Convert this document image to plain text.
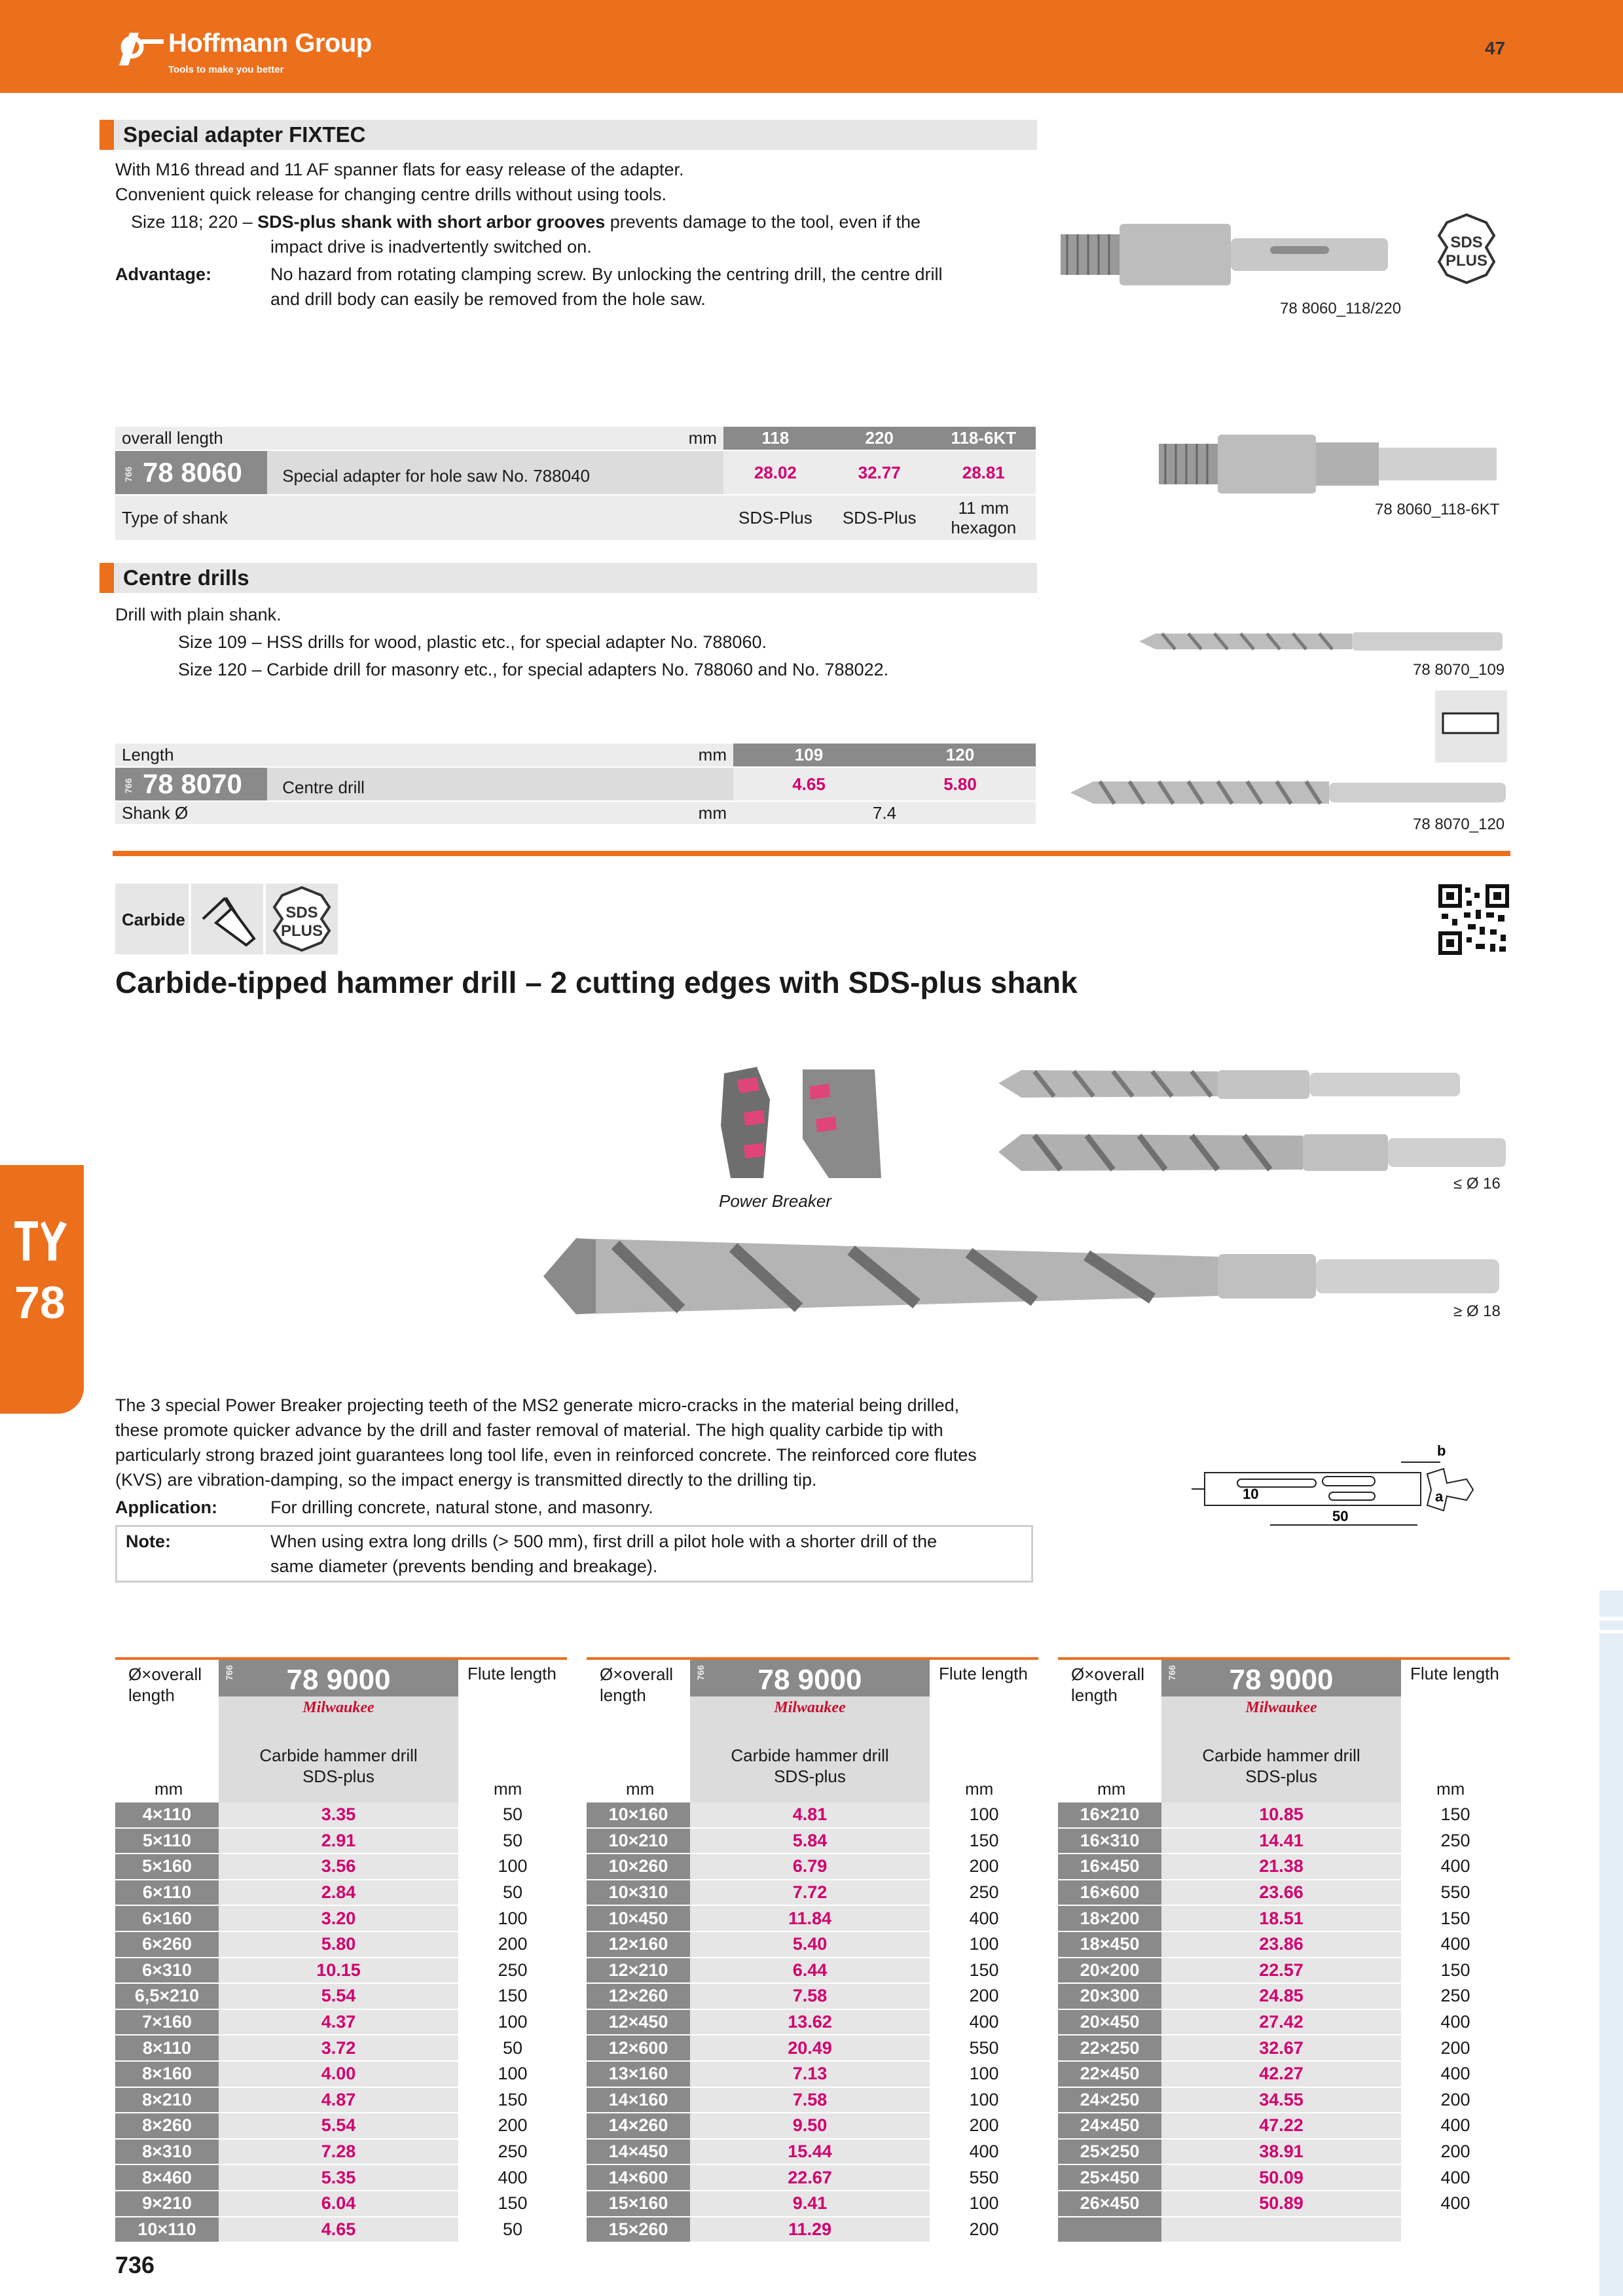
Hoffmann Group
Tools to make you better
47	GBP
Special adapter FIXTEC
With M16 thread and 11 AF spanner flats for easy release of the adapter.
Convenient quick release for changing centre drills without using tools.
Size 118; 220 – SDS-plus shank with short arbor grooves prevents damage to the tool, even if the
impact drive is inadvertently switched on.
Advantage:	No hazard from rotating clamping screw. By unlocking the centring drill, the centre drill
and drill body can easily be removed from the hole saw.	78 8060_118/220
SDS
PLUS
78 8060_118-6KT
overall length	mm	118	220	118-6KT
766 78 8060 Special adapter for hole saw No. 788040		28.02	32.77	28.81
Type of shank		SDS-Plus	SDS-Plus	11 mm hexagon
Centre drills
Drill with plain shank.
Size 109 – HSS drills for wood, plastic etc., for special adapter No. 788060.
Size 120 – Carbide drill for masonry etc., for special adapters No. 788060 and No. 788022.	78 8070_109
78 8070_120
Length	mm	109	120
766 78 8070 Centre drill		4.65	5.80
Shank Ø	mm	7.4	
Carbide	SDS
PLUS
Carbide-tipped hammer drill – 2 cutting edges with SDS-plus shank
Power Breaker
≤ Ø 16
≥ Ø 18
78
The 3 special Power Breaker projecting teeth of the MS2 generate micro-cracks in the material being drilled,
these promote quicker advance by the drill and faster removal of material. The high quality carbide tip with
particularly strong brazed joint guarantees long tool life, even in reinforced concrete. The reinforced core flutes
(KVS) are vibration-damping, so the impact energy is transmitted directly to the drilling tip.
Application:	For drilling concrete, natural stone, and masonry.
Note:	When using extra long drills (> 500 mm), first drill a pilot hole with a shorter drill of the
same diameter (prevents bending and breakage).
b
a
10
50
Ø×overall
length
766	78 9000
Milwaukee
Carbide hammer drill
SDS-plus
Flute length
mm	mm
4×110	3.35	50
5×110	2.91	50
5×160	3.56	100
6×110	2.84	50
6×160	3.20	100
6×260	5.80	200
6×310	10.15	250
6,5×210	5.54	150
7×160	4.37	100
8×110	3.72	50
8×160	4.00	100
8×210	4.87	150
8×260	5.54	200
8×310	7.28	250
8×460	5.35	400
9×210	6.04	150
10×110	4.65	50
Ø×overall
length
766	78 9000
Milwaukee
Carbide hammer drill
SDS-plus
Flute length
mm	mm
10×160	4.81	100
10×210	5.84	150
10×260	6.79	200
10×310	7.72	250
10×450	11.84	400
12×160	5.40	100
12×210	6.44	150
12×260	7.58	200
12×450	13.62	400
12×600	20.49	550
13×160	7.13	100
14×160	7.58	100
14×260	9.50	200
14×450	15.44	400
14×600	22.67	550
15×160	9.41	100
15×260	11.29	200
Ø×overall
length
766	78 9000
Milwaukee
Carbide hammer drill
SDS-plus
Flute length
mm	mm
16×210	10.85	150
16×310	14.41	250
16×450	21.38	400
16×600	23.66	550
18×200	18.51	150
18×450	23.86	400
20×200	22.57	150
20×300	24.85	250
20×450	27.42	400
22×250	32.67	200
22×450	42.27	400
24×250	34.55	200
24×450	47.22	400
25×250	38.91	200
25×450	50.09	400
26×450	50.89	400

736
